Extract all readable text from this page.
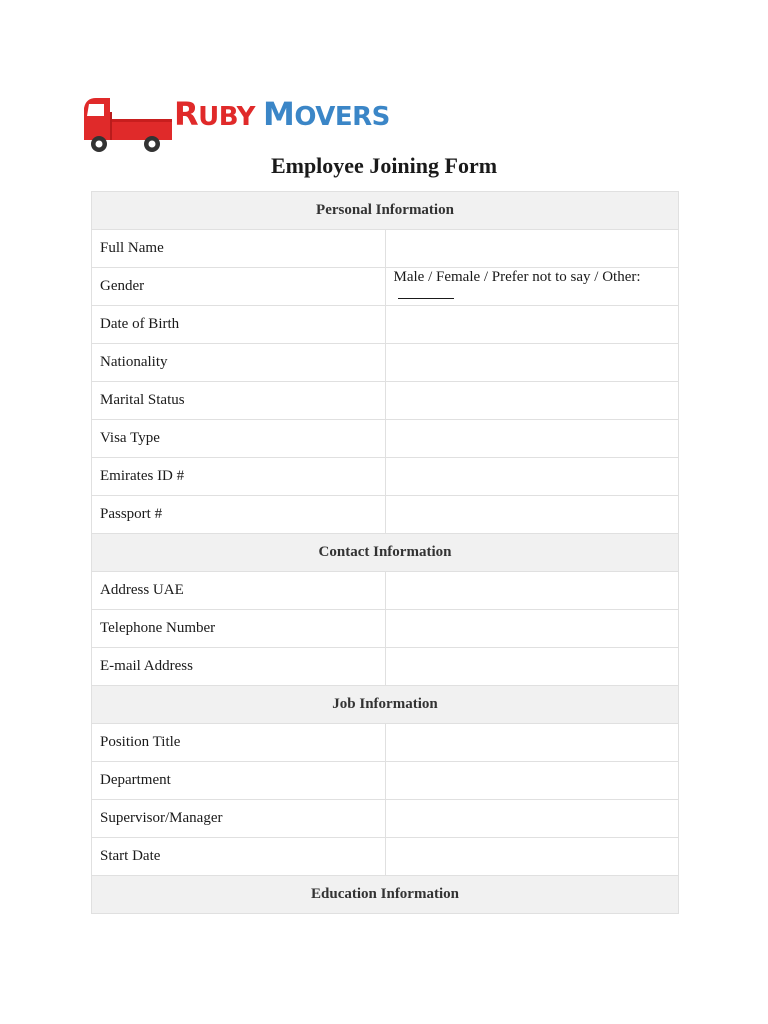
RUBY MOVERS
Employee Joining Form
Personal Information	
Full Name	
Gender	Male / Female / Prefer not to say / Other:
Date of Birth	
Nationality	
Marital Status	
Visa Type	
Emirates ID #	
Passport #	
Contact Information	
Address UAE	
Telephone Number	
E-mail Address	
Job Information	
Position Title	
Department	
Supervisor/Manager	
Start Date	
Education Information	
